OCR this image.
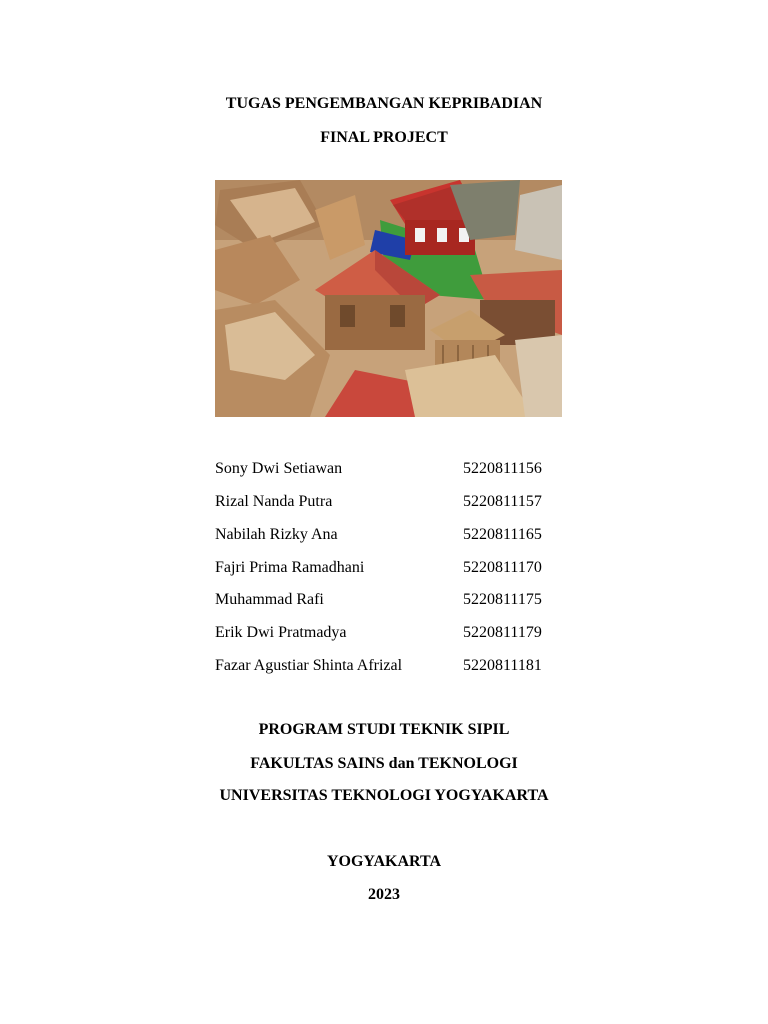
TUGAS PENGEMBANGAN KEPRIBADIAN
FINAL PROJECT
Sony Dwi Setiawan	5220811156
Rizal Nanda Putra	5220811157
Nabilah Rizky Ana	5220811165
Fajri Prima Ramadhani	5220811170
Muhammad Rafi	5220811175
Erik Dwi Pratmadya	5220811179
Fazar Agustiar Shinta Afrizal	5220811181
PROGRAM STUDI TEKNIK SIPIL
FAKULTAS SAINS dan TEKNOLOGI
UNIVERSITAS TEKNOLOGI YOGYAKARTA
YOGYAKARTA
2023
